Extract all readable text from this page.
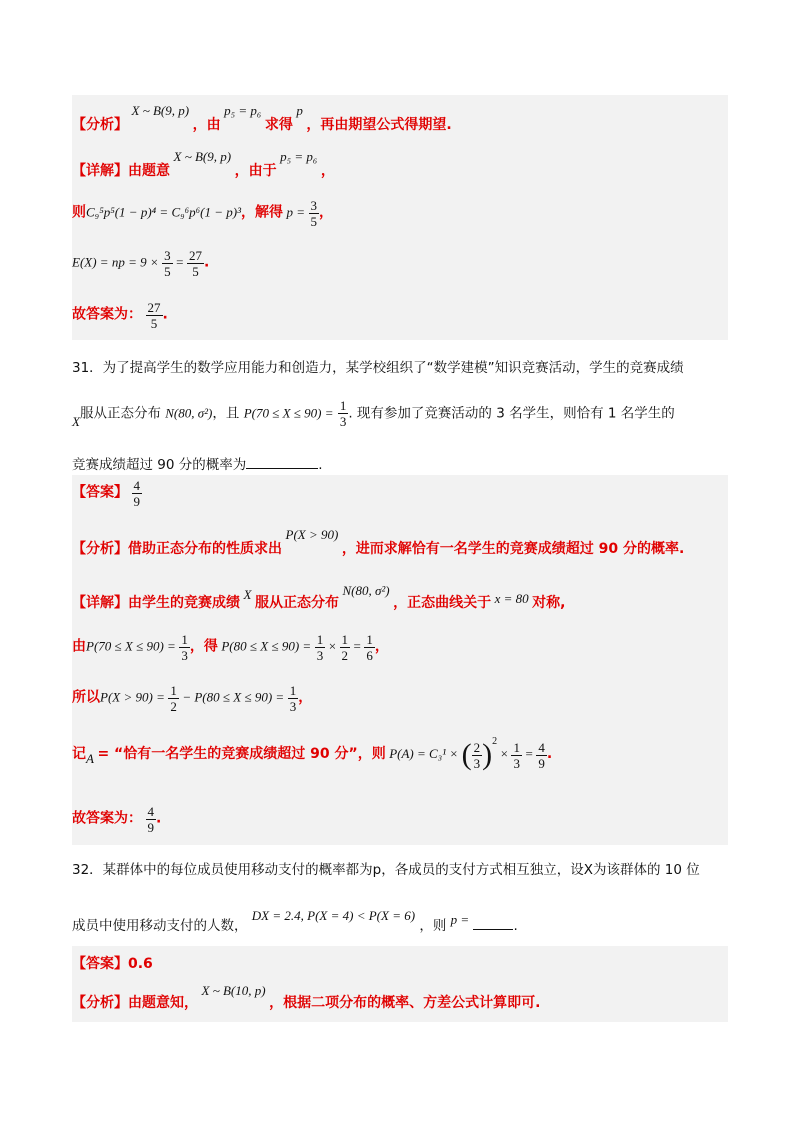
【分析】 X ~ B(9, p) ，由 p₅ = p₆ 求得 p ，再由期望公式得期望.
【详解】由题意 X ~ B(9, p) ，由于 p₅ = p₆ ，
则C₉⁵p⁵(1 − p)⁴ = C₉⁶p⁶(1 − p)³，解得 $p = \frac{3}{5}$ ，
E(X) = np = $9 \times \frac{3}{5} = \frac{27}{5}$ .
故答案为： $\frac{27}{5}$ .
31．为了提高学生的数学应用能力和创造力，某学校组织了“数学建模”知识竞赛活动，学生的竞赛成绩
X服从正态分布 N(80, σ²)，且 $P(70 \le X \le 90) = \frac{1}{3}$ . 现有参加了竞赛活动的 3 名学生，则恰有 1 名学生的
竞赛成绩超过 90 分的概率为	.
【答案】 $\frac{4}{9}$
【分析】借助正态分布的性质求出 P(X > 90) ，进而求解恰有一名学生的竞赛成绩超过 90 分的概率.
【详解】由学生的竞赛成绩 X 服从正态分布 N(80, σ²) ，正态曲线关于 x = 80 对称,
由$P(70 \le X \le 90) = \frac{1}{3}$ ，得 $P(80 \le X \le 90) = \frac{1}{3} \times \frac{1}{2} = \frac{1}{6}$ ，
所以$P(X > 90) = \frac{1}{2} - P(80 \le X \le 90) = \frac{1}{3}$ ，
记A = “恰有一名学生的竞赛成绩超过 90 分”，则 P(A) = C₃¹ × ( $\frac{2}{3} )^2 \times \frac{1}{3} = \frac{4}{9}$ .
故答案为： $\frac{4}{9}$ .
32．某群体中的每位成员使用移动支付的概率都为p，各成员的支付方式相互独立，设X为该群体的 10 位
成员中使用移动支付的人数， DX = 2.4, P(X = 4) < P(X = 6) ，则 p =	.
【答案】0.6
【分析】由题意知， X ~ B(10, p) ，根据二项分布的概率、方差公式计算即可.
